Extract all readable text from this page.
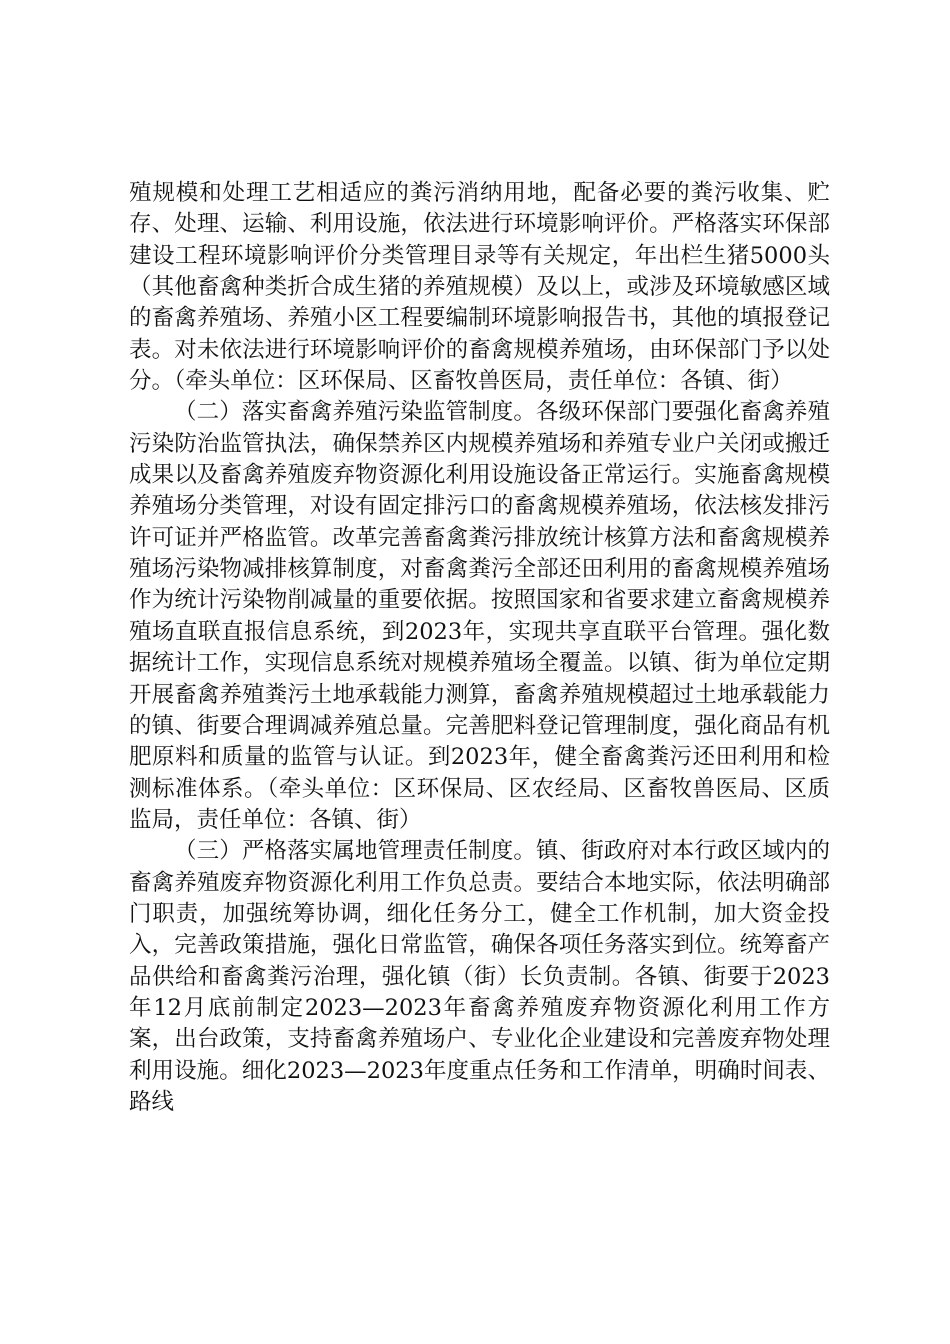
殖规模和处理工艺相适应的粪污消纳用地，配备必要的粪污收集、贮存、处理、运输、利用设施，依法进行环境影响评价。严格落实环保部建设工程环境影响评价分类管理目录等有关规定，年出栏生猪5000头（其他畜禽种类折合成生猪的养殖规模）及以上，或涉及环境敏感区域的畜禽养殖场、养殖小区工程要编制环境影响报告书，其他的填报登记表。对未依法进行环境影响评价的畜禽规模养殖场，由环保部门予以处分。（牵头单位：区环保局、区畜牧兽医局，责任单位：各镇、街）

（二）落实畜禽养殖污染监管制度。各级环保部门要强化畜禽养殖污染防治监管执法，确保禁养区内规模养殖场和养殖专业户关闭或搬迁成果以及畜禽养殖废弃物资源化利用设施设备正常运行。实施畜禽规模养殖场分类管理，对设有固定排污口的畜禽规模养殖场，依法核发排污许可证并严格监管。改革完善畜禽粪污排放统计核算方法和畜禽规模养殖场污染物减排核算制度，对畜禽粪污全部还田利用的畜禽规模养殖场作为统计污染物削减量的重要依据。按照国家和省要求建立畜禽规模养殖场直联直报信息系统，到2023年，实现共享直联平台管理。强化数据统计工作，实现信息系统对规模养殖场全覆盖。以镇、街为单位定期开展畜禽养殖粪污土地承载能力测算，畜禽养殖规模超过土地承载能力的镇、街要合理调减养殖总量。完善肥料登记管理制度，强化商品有机肥原料和质量的监管与认证。到2023年，健全畜禽粪污还田利用和检测标准体系。（牵头单位：区环保局、区农经局、区畜牧兽医局、区质监局，责任单位：各镇、街）

（三）严格落实属地管理责任制度。镇、街政府对本行政区域内的畜禽养殖废弃物资源化利用工作负总责。要结合本地实际，依法明确部门职责，加强统筹协调，细化任务分工，健全工作机制，加大资金投入，完善政策措施，强化日常监管，确保各项任务落实到位。统筹畜产品供给和畜禽粪污治理，强化镇（街）长负责制。各镇、街要于2023年12月底前制定2023—2023年畜禽养殖废弃物资源化利用工作方案，出台政策，支持畜禽养殖场户、专业化企业建设和完善废弃物处理利用设施。细化2023—2023年度重点任务和工作清单，明确时间表、路线
